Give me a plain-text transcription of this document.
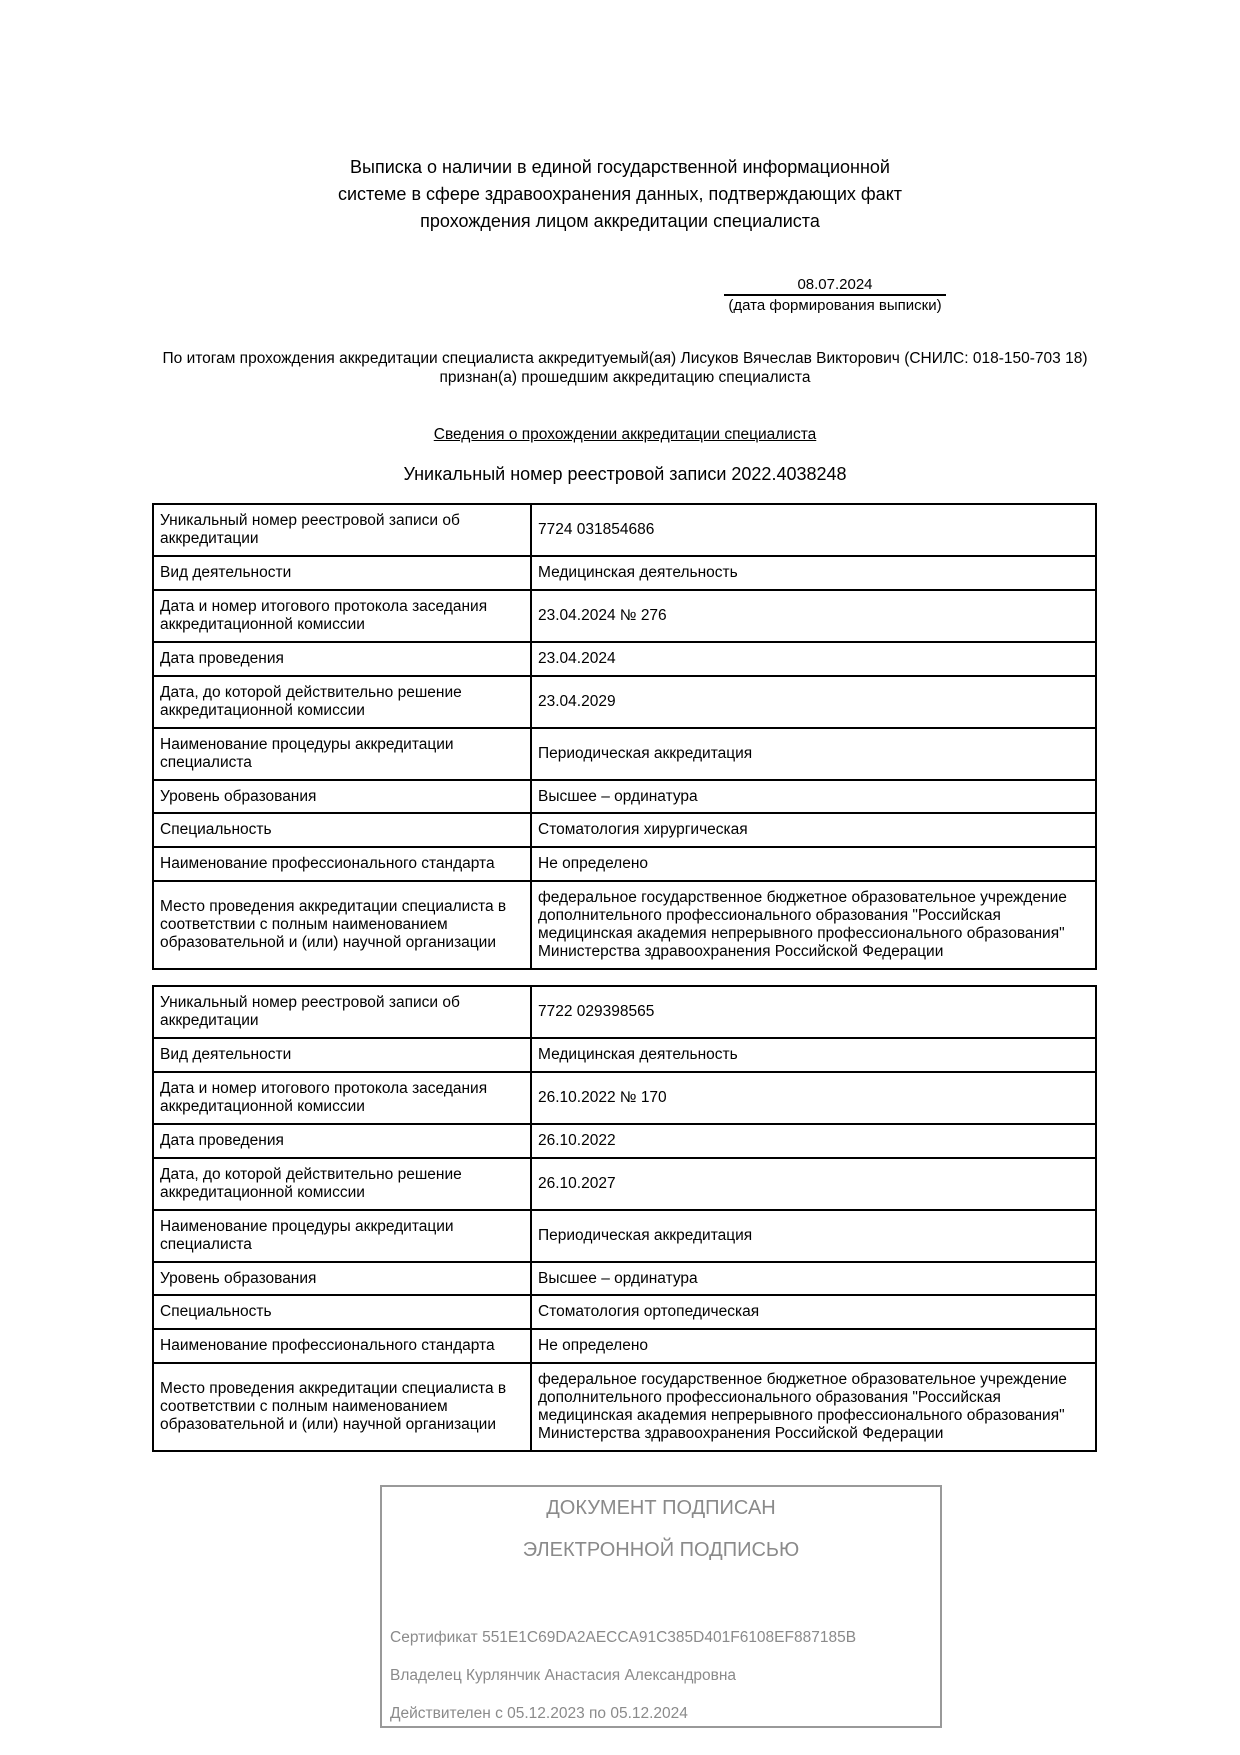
Выписка о наличии в единой государственной информационной
системе в сфере здравоохранения данных, подтверждающих факт
прохождения лицом аккредитации специалиста
08.07.2024
(дата формирования выписки)
По итогам прохождения аккредитации специалиста аккредитуемый(ая) Лисуков Вячеслав Викторович (СНИЛС: 018-150-703 18)
признан(а) прошедшим аккредитацию специалиста
Сведения о прохождении аккредитации специалиста
Уникальный номер реестровой записи 2022.4038248
Уникальный номер реестровой записи об аккредитации	7724 031854686
Вид деятельности	Медицинская деятельность
Дата и номер итогового протокола заседания аккредитационной комиссии	23.04.2024 № 276
Дата проведения	23.04.2024
Дата, до которой действительно решение аккредитационной комиссии	23.04.2029
Наименование процедуры аккредитации специалиста	Периодическая аккредитация
Уровень образования	Высшее – ординатура
Специальность	Стоматология хирургическая
Наименование профессионального стандарта	Не определено
Место проведения аккредитации специалиста в соответствии с полным наименованием образовательной и (или) научной организации	федеральное государственное бюджетное образовательное учреждение дополнительного профессионального образования "Российская медицинская академия непрерывного профессионального образования" Министерства здравоохранения Российской Федерации
Уникальный номер реестровой записи об аккредитации	7722 029398565
Вид деятельности	Медицинская деятельность
Дата и номер итогового протокола заседания аккредитационной комиссии	26.10.2022 № 170
Дата проведения	26.10.2022
Дата, до которой действительно решение аккредитационной комиссии	26.10.2027
Наименование процедуры аккредитации специалиста	Периодическая аккредитация
Уровень образования	Высшее – ординатура
Специальность	Стоматология ортопедическая
Наименование профессионального стандарта	Не определено
Место проведения аккредитации специалиста в соответствии с полным наименованием образовательной и (или) научной организации	федеральное государственное бюджетное образовательное учреждение дополнительного профессионального образования "Российская медицинская академия непрерывного профессионального образования" Министерства здравоохранения Российской Федерации
ДОКУМЕНТ ПОДПИСАН
ЭЛЕКТРОННОЙ ПОДПИСЬЮ
Сертификат 551E1C69DA2AECCA91C385D401F6108EF887185B
Владелец Курлянчик Анастасия Александровна
Действителен с 05.12.2023 по 05.12.2024
